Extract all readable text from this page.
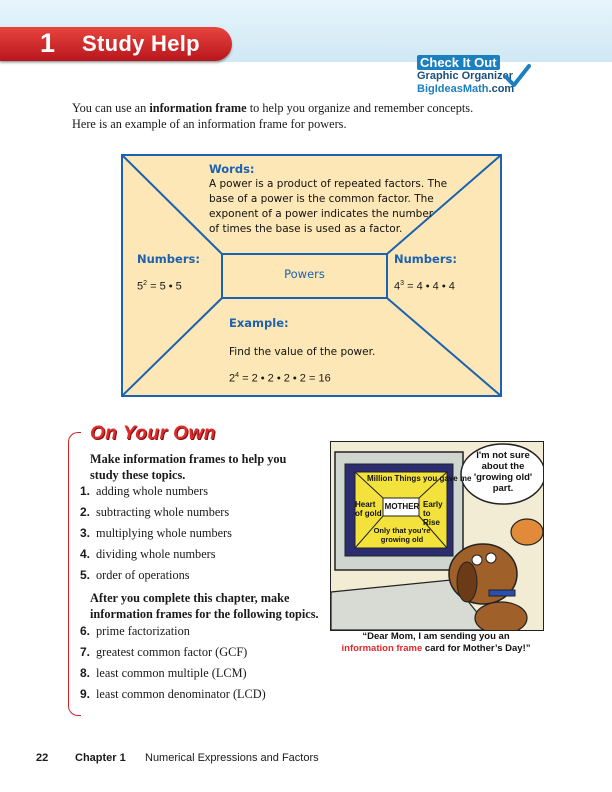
1 Study Help
Check It Out
Graphic Organizer
BigIdeasMath.com
You can use an information frame to help you organize and remember concepts.
Here is an example of an information frame for powers.
Words:
A power is a product of repeated factors. The
base of a power is the common factor. The
exponent of a power indicates the number
of times the base is used as a factor.
Numbers:
$5^2 = 5$ • 5
Powers
Numbers:
$4^3 = 4$ • 4 • 4
Example:
Find the value of the power.
$2^4 = 2$ • 2 • 2 • 2 = 16
On Your Own
Make information frames to help you
study these topics.
1. adding whole numbers
2. subtracting whole numbers
3. multiplying whole numbers
4. dividing whole numbers
5. order of operations
After you complete this chapter, make
information frames for the following topics.
6. prime factorization
7. greatest common factor (GCF)
8. least common multiple (LCM)
9. least common denominator (LCD)
Million Things you gave me
Heart of gold
MOTHER Early to Rise
Only that you're growing old
I'm not sure
about the
'growing old'
part.
“Dear Mom, I am sending you an
information frame card for Mother’s Day!”
22 Chapter 1 Numerical Expressions and Factors
